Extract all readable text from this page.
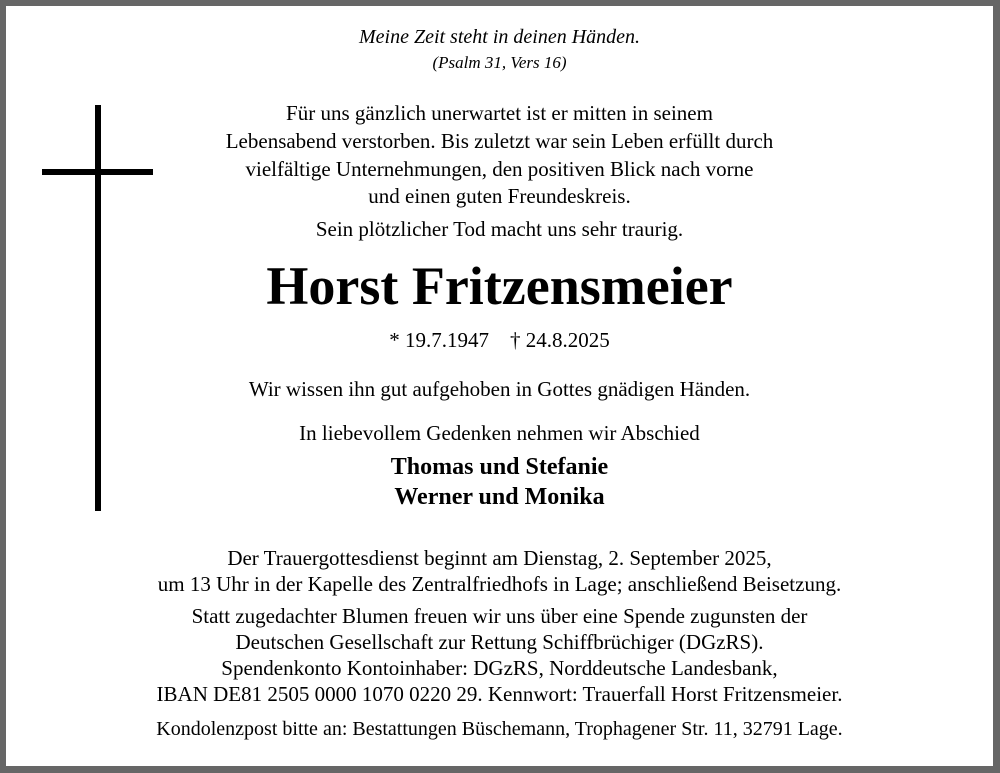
Meine Zeit steht in deinen Händen.
(Psalm 31, Vers 16)
Für uns gänzlich unerwartet ist er mitten in seinem
Lebensabend verstorben. Bis zuletzt war sein Leben erfüllt durch
vielfältige Unternehmungen, den positiven Blick nach vorne
und einen guten Freundeskreis.
Sein plötzlicher Tod macht uns sehr traurig.
Horst Fritzensmeier
* 19.7.1947    † 24.8.2025
Wir wissen ihn gut aufgehoben in Gottes gnädigen Händen.
In liebevollem Gedenken nehmen wir Abschied
Thomas und Stefanie
Werner und Monika
Der Trauergottesdienst beginnt am Dienstag, 2. September 2025,
um 13 Uhr in der Kapelle des Zentralfriedhofs in Lage; anschließend Beisetzung.
Statt zugedachter Blumen freuen wir uns über eine Spende zugunsten der
Deutschen Gesellschaft zur Rettung Schiffbrüchiger (DGzRS).
Spendenkonto Kontoinhaber: DGzRS, Norddeutsche Landesbank,
IBAN DE81 2505 0000 1070 0220 29. Kennwort: Trauerfall Horst Fritzensmeier.
Kondolenzpost bitte an: Bestattungen Büschemann, Trophagener Str. 11, 32791 Lage.
